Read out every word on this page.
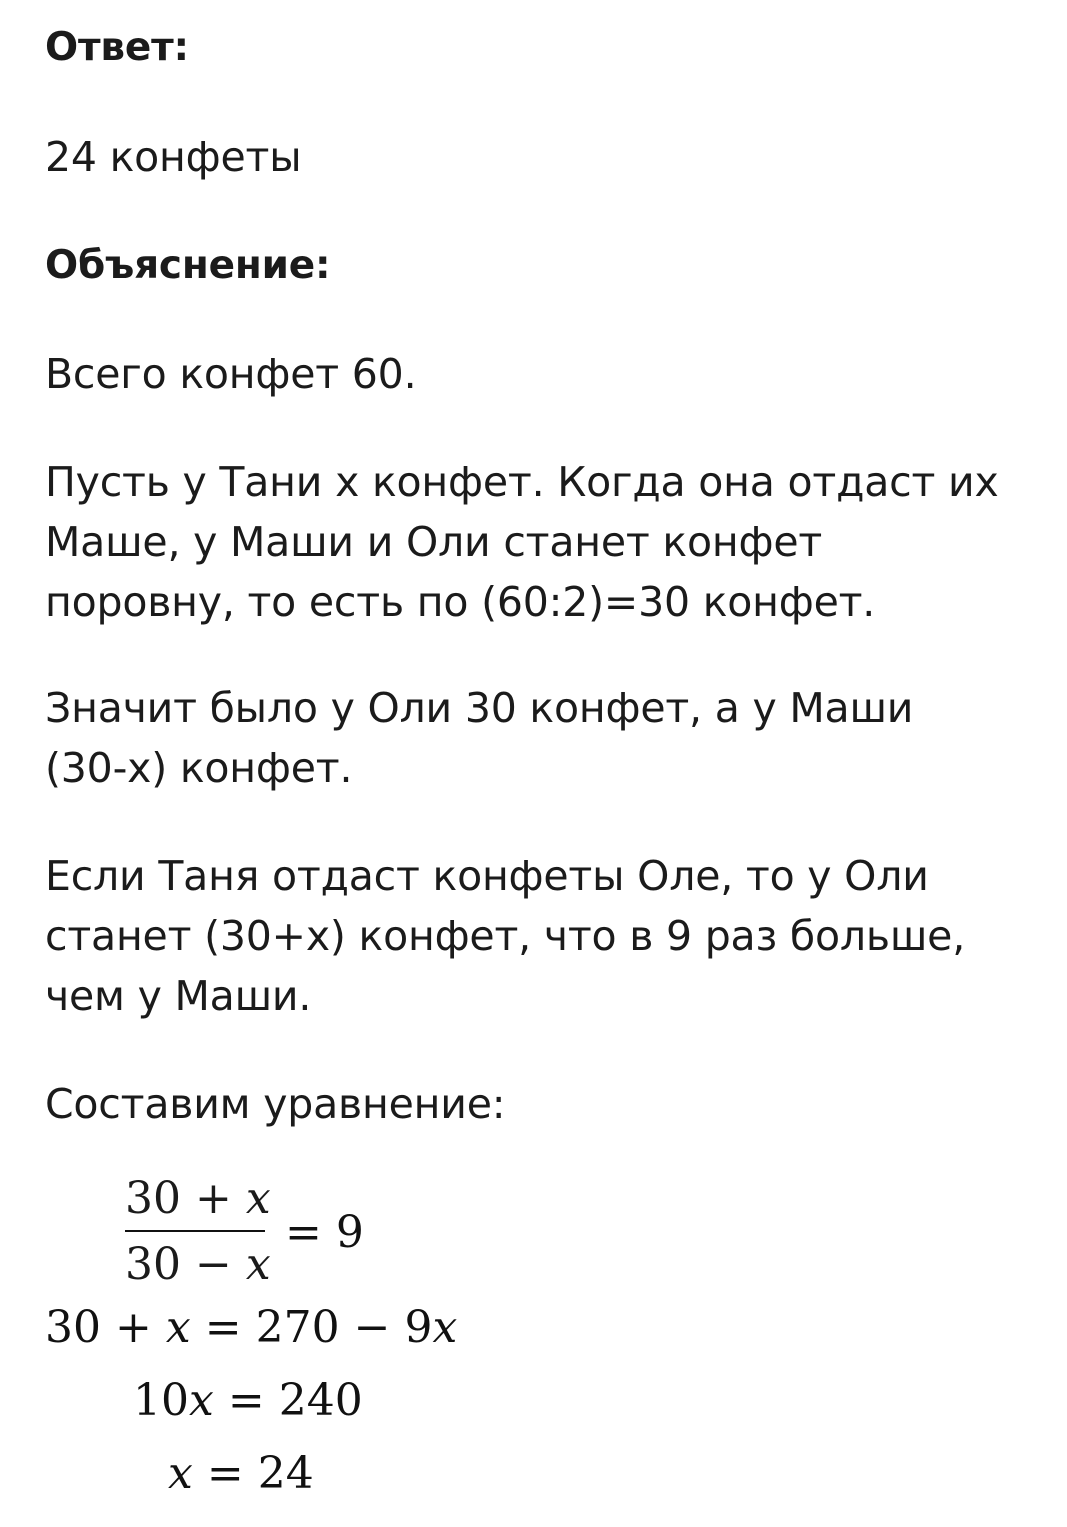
Ответ:
24 конфеты
Объяснение:
Всего конфет 60.
Пусть у Тани х конфет. Когда она отдаст их
Маше, у Маши и Оли станет конфет
поровну, то есть по (60:2)=30 конфет.
Значит было у Оли 30 конфет, а у Маши
(30-х) конфет.
Если Таня отдаст конфеты Оле, то у Оли
станет (30+х) конфет, что в 9 раз больше,
чем у Маши.
Составим уравнение:
30 + x
30 − x
= 9
30 + x = 270 − 9x
10x = 240
x = 24
